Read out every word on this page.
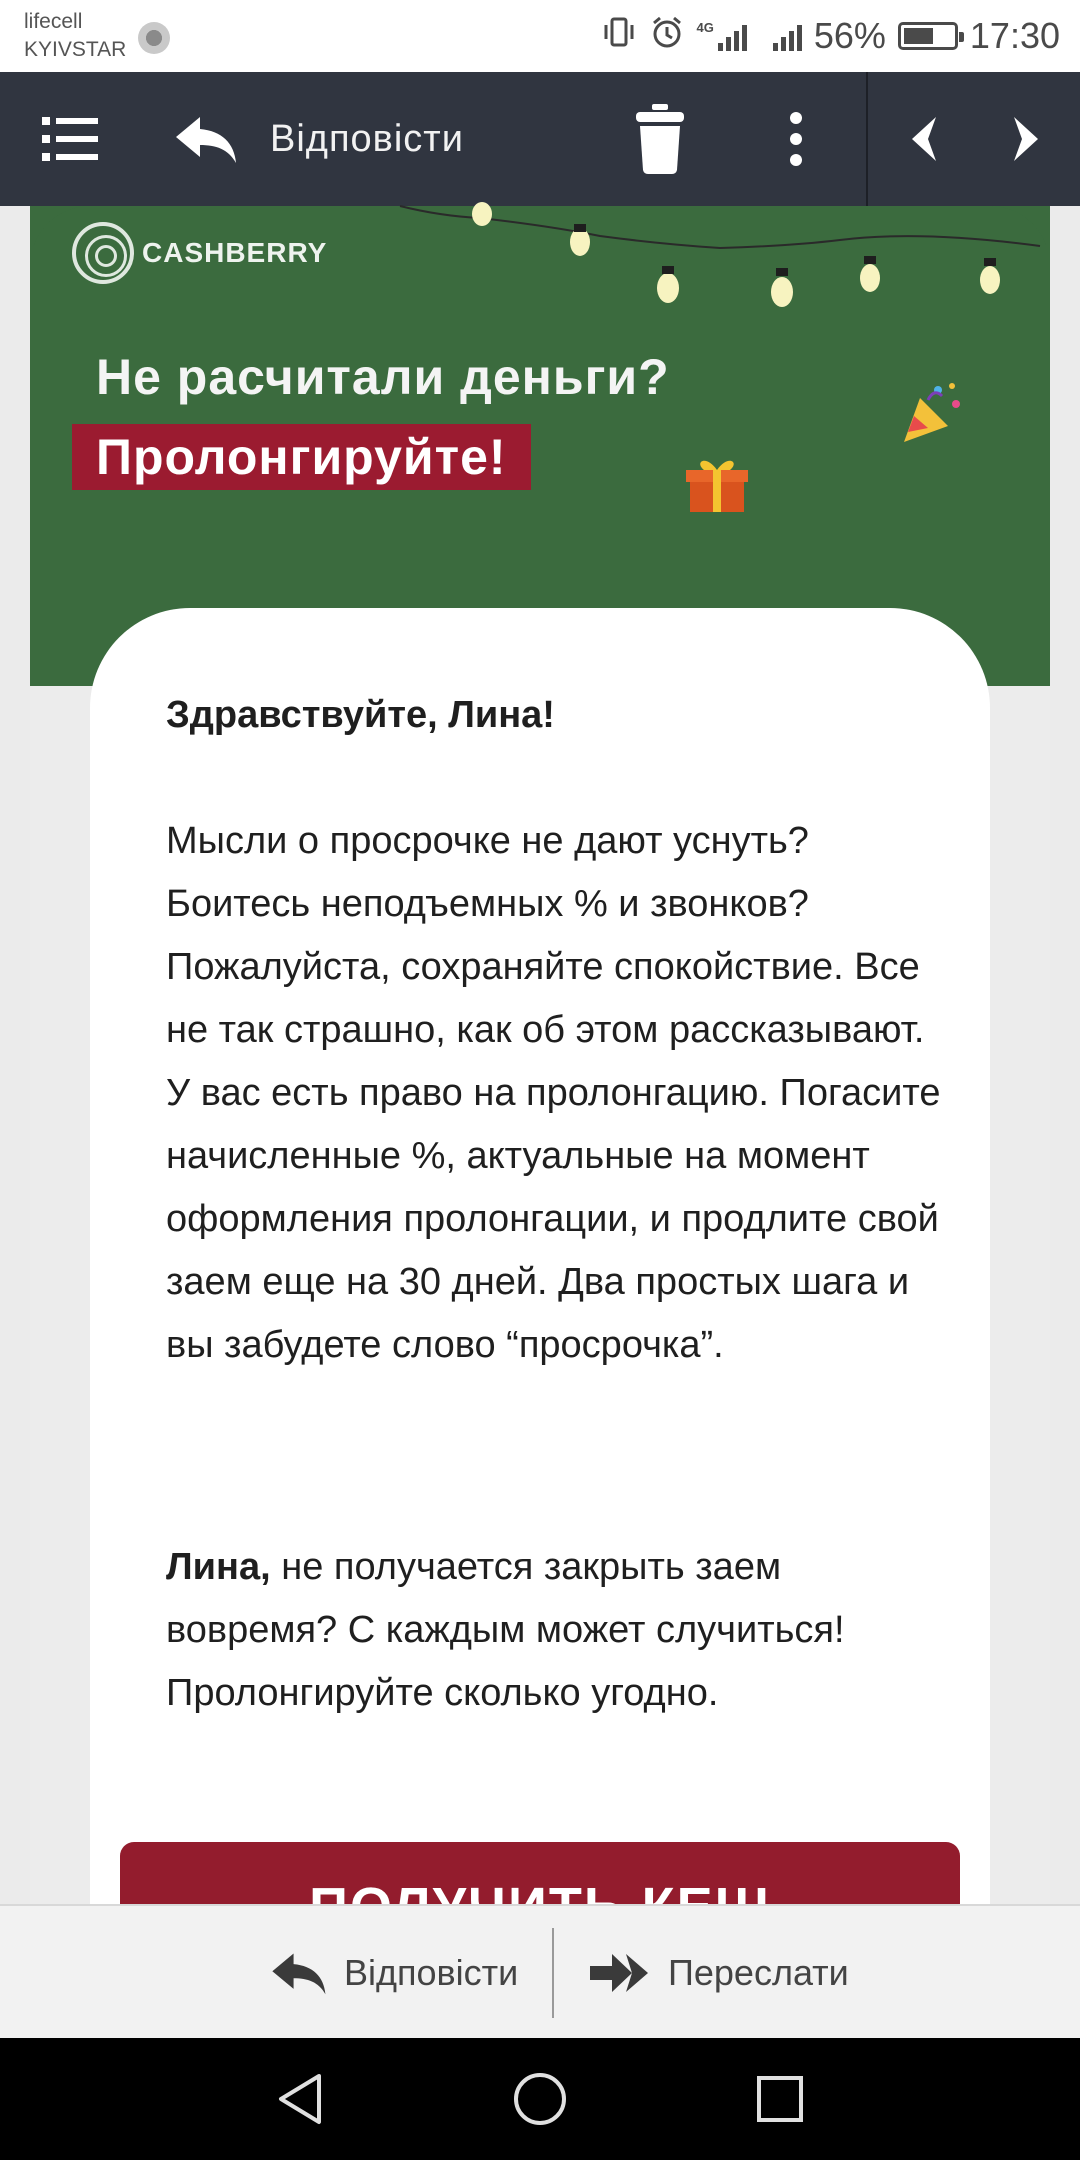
lifecell
KYIVSTAR
4G	56% 17:30
Відповісти
CASHBERRY
Не расчитали деньги?
Пролонгируйте!
Здравствуйте, Лина!
Мысли о просрочке не дают уснуть? Боитесь неподъемных % и звонков? Пожалуйста, сохраняйте спокойствие. Все не так страшно, как об этом рассказывают. У вас есть право на пролонгацию. Погасите начисленные %, актуальные на момент оформления пролонгации, и продлите свой заем еще на 30 дней. Два простых шага и вы забудете слово “просрочка”.
Лина, не получается закрыть заем вовремя? С каждым может случиться! Пролонгируйте сколько угодно.
Відповісти	Переслати
